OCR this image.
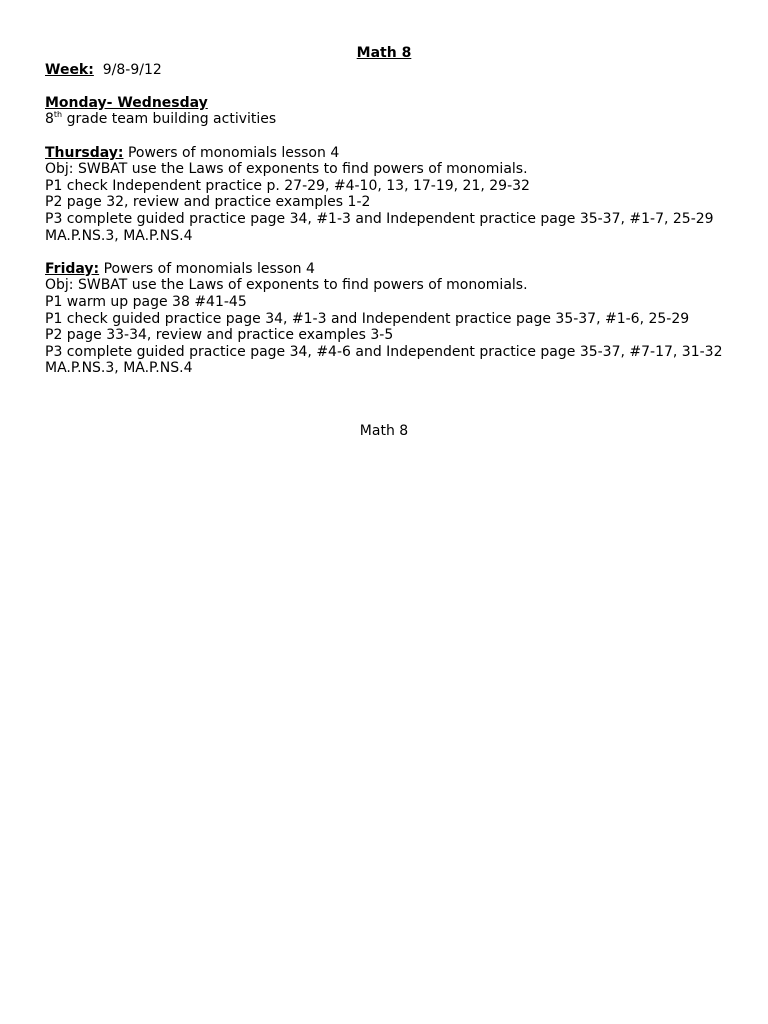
Math 8

Week: 9/8-9/12

Monday- Wednesday

8th grade team building activities

Thursday: Powers of monomials lesson 4

Obj: SWBAT use the Laws of exponents to find powers of monomials.

P1 check Independent practice p. 27-29, #4-10, 13, 17-19, 21, 29-32

P2 page 32, review and practice examples 1-2

P3 complete guided practice page 34, #1-3 and Independent practice page 35-37, #1-7, 25-29

MA.P.NS.3, MA.P.NS.4

Friday: Powers of monomials lesson 4

Obj: SWBAT use the Laws of exponents to find powers of monomials.

P1 warm up page 38 #41-45

P1 check guided practice page 34, #1-3 and Independent practice page 35-37, #1-6, 25-29

P2 page 33-34, review and practice examples 3-5

P3 complete guided practice page 34, #4-6 and Independent practice page 35-37, #7-17, 31-32

MA.P.NS.3, MA.P.NS.4

Math 8
